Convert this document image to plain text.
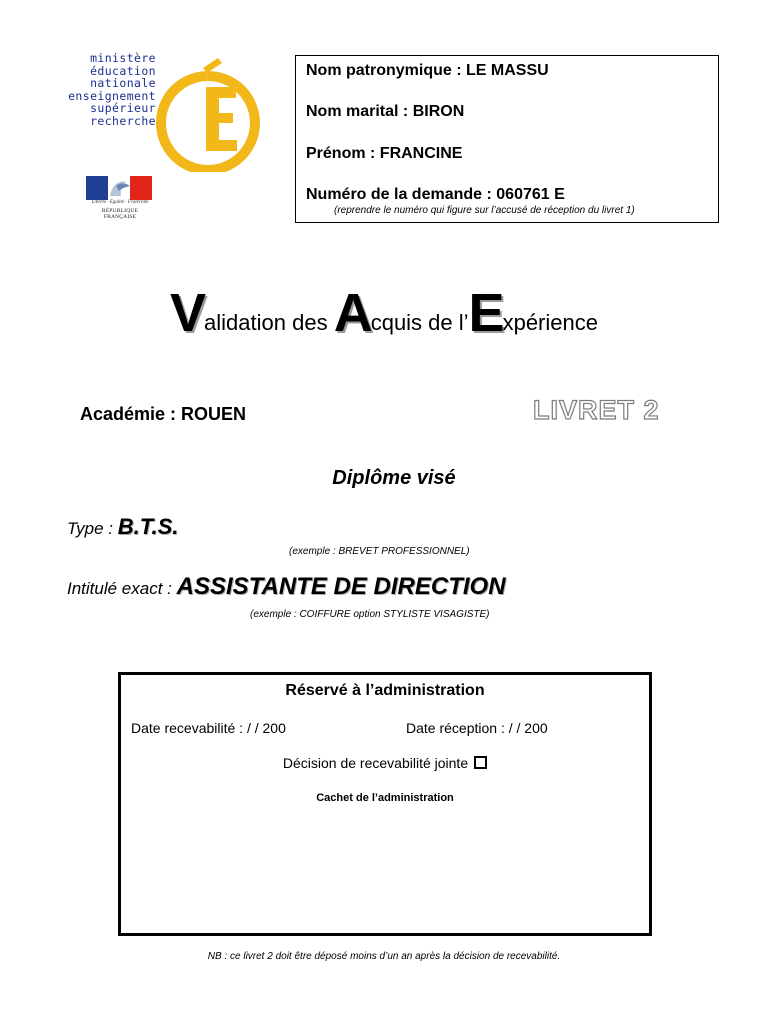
ministère
éducation
nationale
enseignement
supérieur
recherche
Liberté · Égalité · Fraternité
RÉPUBLIQUE FRANÇAISE
Nom patronymique : LE MASSU
Nom marital : BIRON
Prénom : FRANCINE
Numéro de la demande : 060761 E
(reprendre le numéro qui figure sur l’accusé de réception du livret 1)
Validation des Acquis de l’Expérience
Académie : ROUEN	LIVRET 2
Diplôme visé
Type : B.T.S.
(exemple : BREVET PROFESSIONNEL)
Intitulé exact : ASSISTANTE DE DIRECTION
(exemple : COIFFURE option STYLISTE VISAGISTE)
Réservé à l’administration
Date recevabilité : / / 200	Date réception : / / 200
Décision de recevabilité jointe
Cachet de l’administration
NB : ce livret 2 doit être déposé moins d’un an après la décision de recevabilité.
